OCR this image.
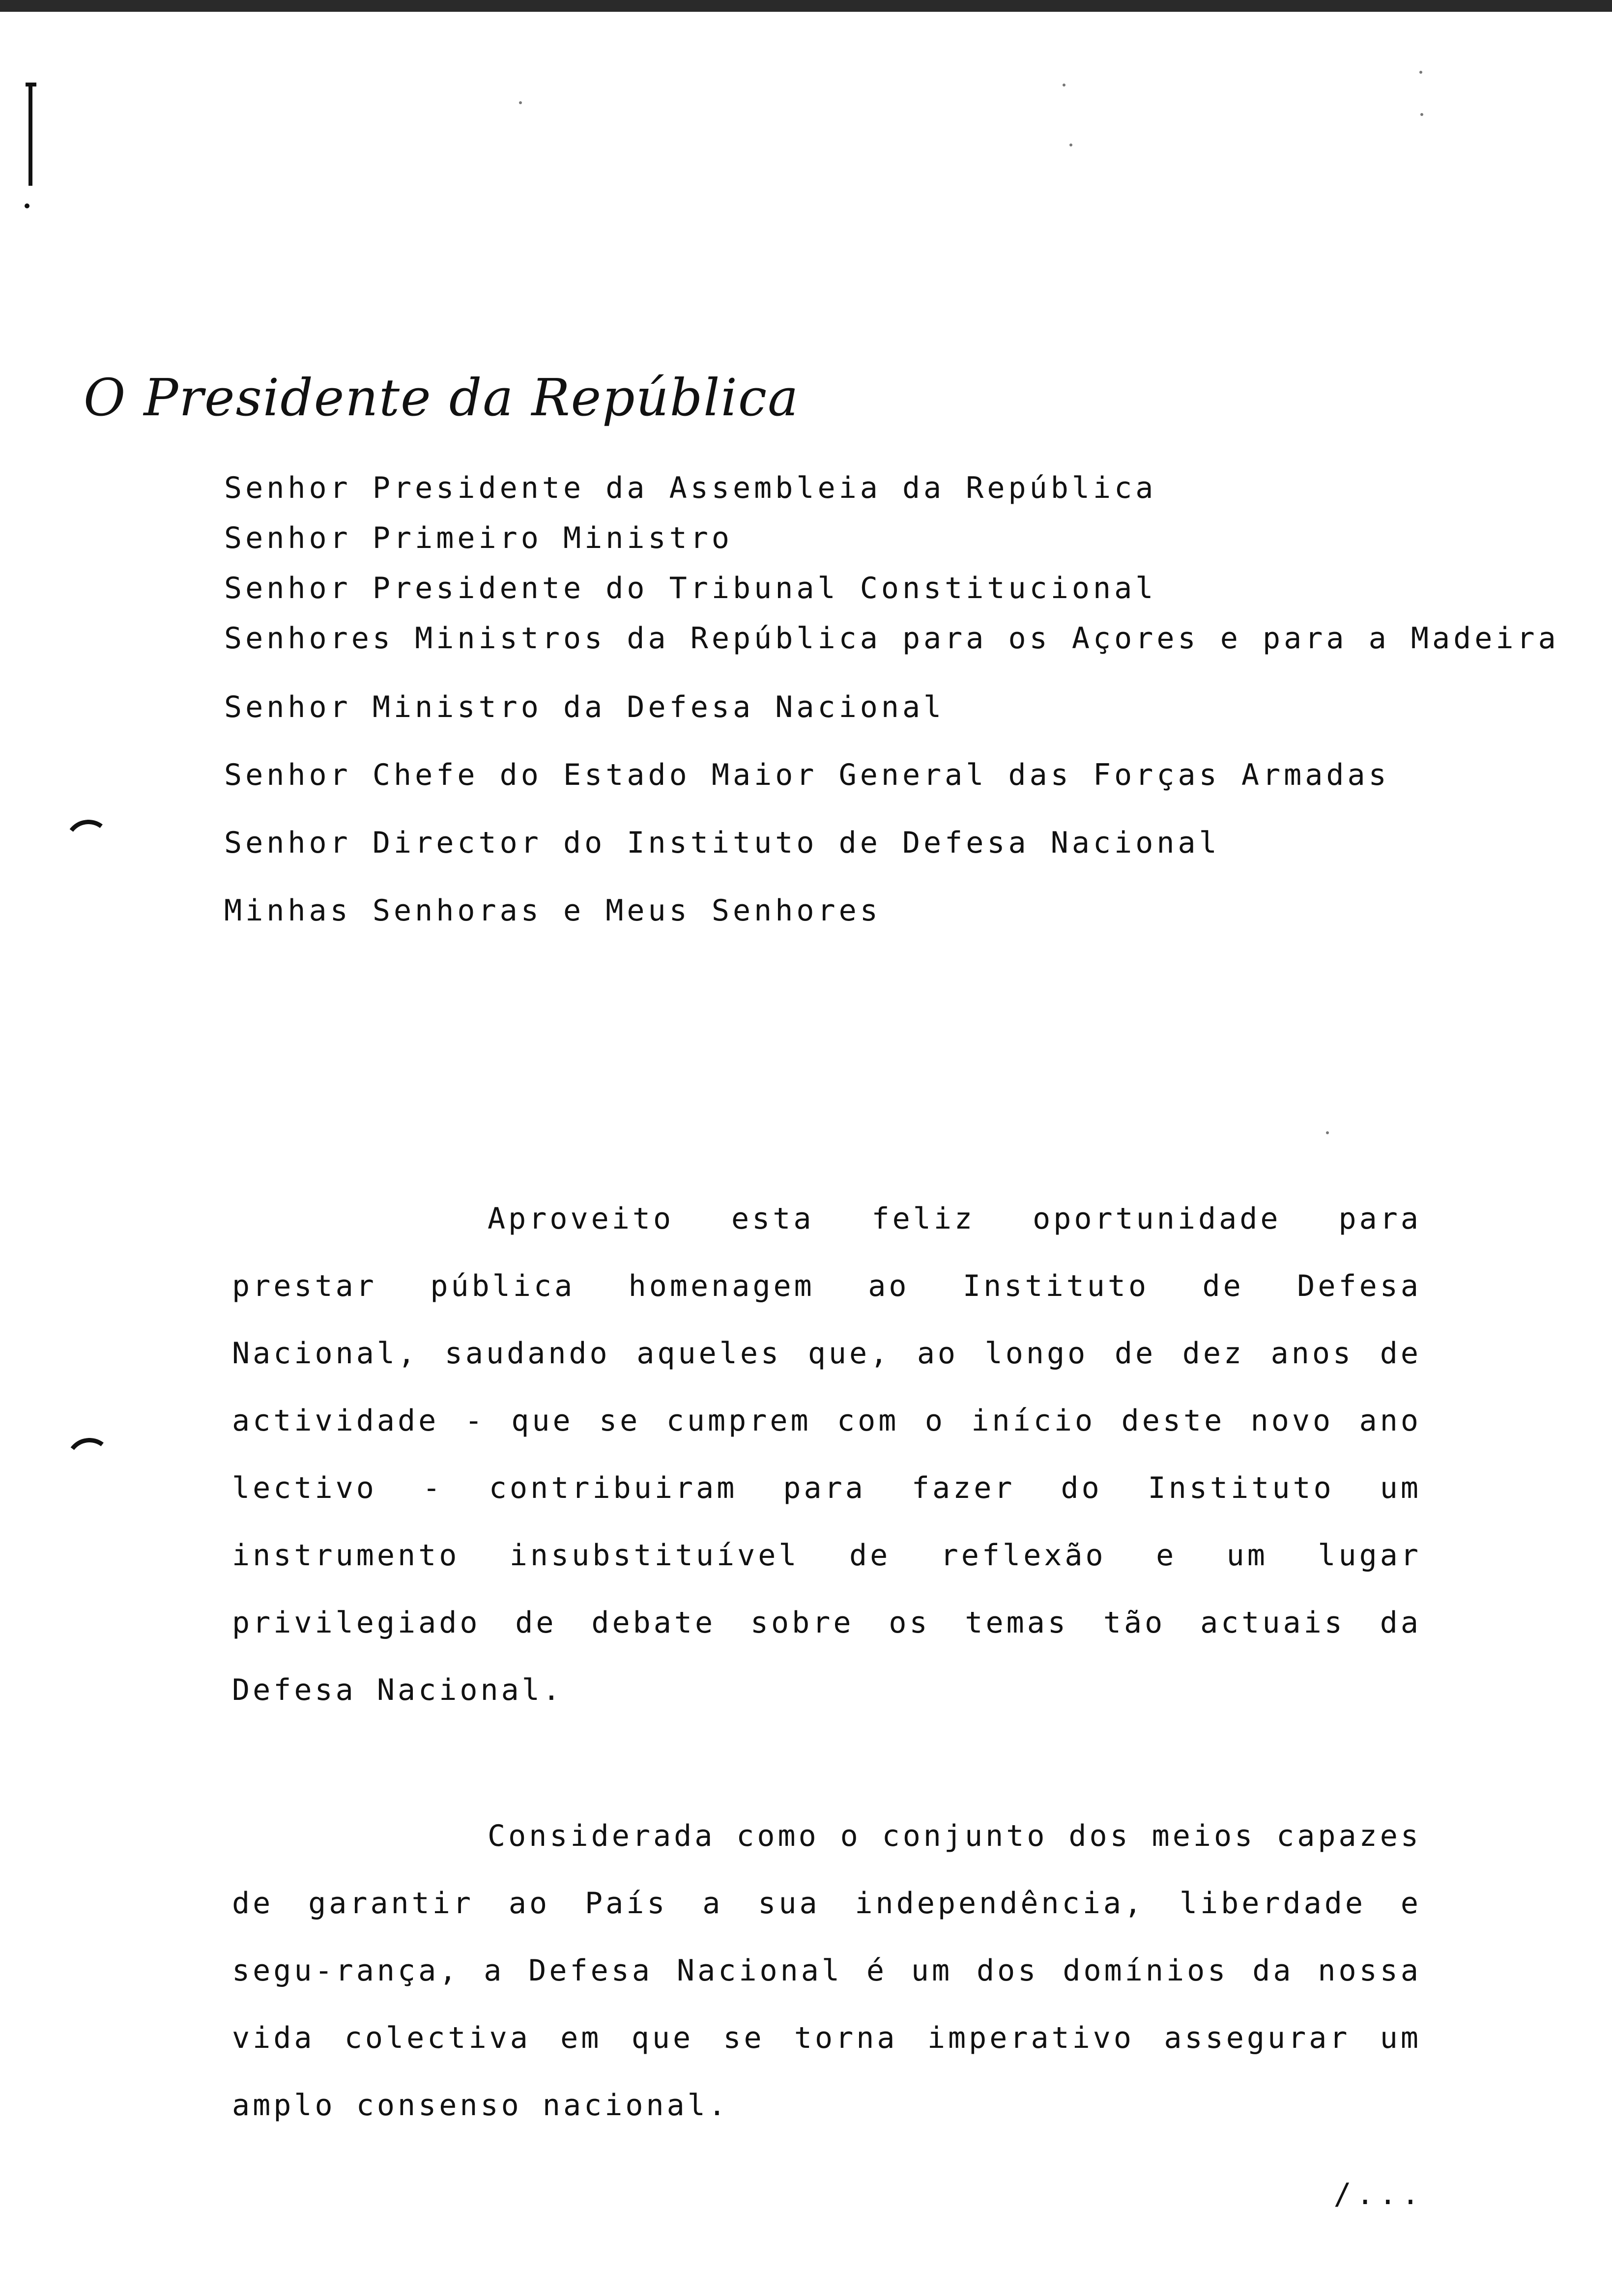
O Presidente da República
Senhor Presidente da Assembleia da República
Senhor Primeiro Ministro
Senhor Presidente do Tribunal Constitucional
Senhores Ministros da República para os Açores e para a Madeira
Senhor Ministro da Defesa Nacional
Senhor Chefe do Estado Maior General das Forças Armadas
Senhor Director do Instituto de Defesa Nacional
Minhas Senhoras e Meus Senhores

Aproveito esta feliz oportunidade para prestar pública homenagem ao Instituto de Defesa Nacional, saudando aqueles que, ao longo de dez anos de actividade - que se cumprem com o início deste novo ano lectivo - contribuiram para fazer do Instituto um instrumento insubstituível de reflexão e um lugar privilegiado de debate sobre os temas tão actuais da Defesa Nacional.

Considerada como o conjunto dos meios capazes de garantir ao País a sua independência, liberdade e segu-rança, a Defesa Nacional é um dos domínios da nossa vida colectiva em que se torna imperativo assegurar um amplo consenso nacional.

/...
